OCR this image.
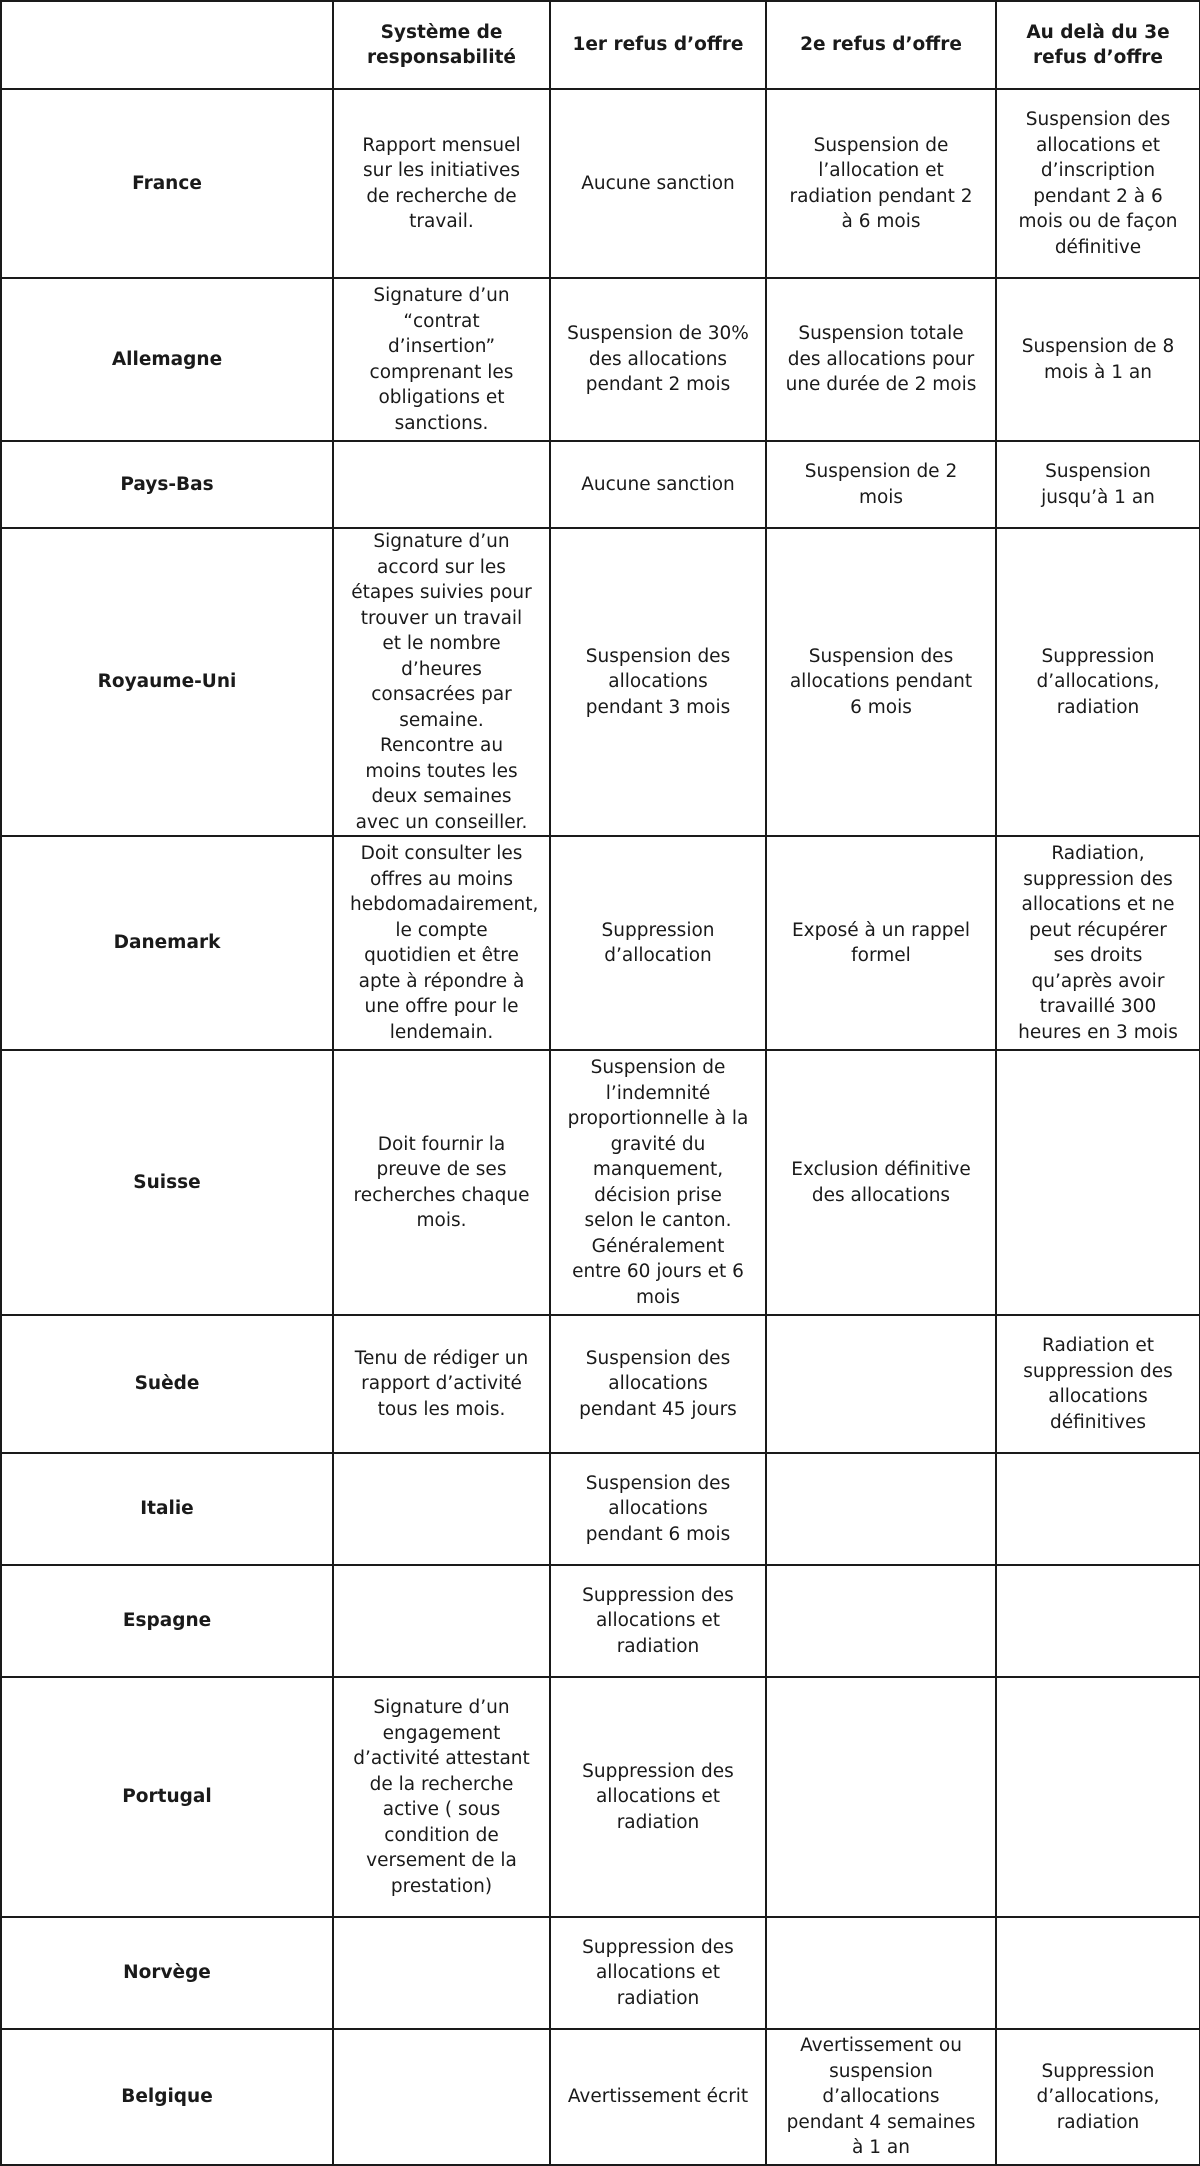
	Système de responsabilité	1er refus d’offre	2e refus d’offre	Au delà du 3e refus d’offre
France	Rapport mensuel sur les initiatives de recherche de travail.	Aucune sanction	Suspension de l’allocation et radiation pendant 2 à 6 mois	Suspension des allocations et d’inscription pendant 2 à 6 mois ou de façon définitive
Allemagne	Signature d’un “contrat d’insertion” comprenant les obligations et sanctions.	Suspension de 30% des allocations pendant 2 mois	Suspension totale des allocations pour une durée de 2 mois	Suspension de 8 mois à 1 an
Pays-Bas		Aucune sanction	Suspension de 2 mois	Suspension jusqu’à 1 an
Royaume-Uni	Signature d’un accord sur les étapes suivies pour trouver un travail et le nombre d’heures consacrées par semaine. Rencontre au moins toutes les deux semaines avec un conseiller.	Suspension des allocations pendant 3 mois	Suspension des allocations pendant 6 mois	Suppression d’allocations, radiation
Danemark	Doit consulter les offres au moins hebdomadairement, le compte quotidien et être apte à répondre à une offre pour le lendemain.	Suppression d’allocation	Exposé à un rappel formel	Radiation, suppression des allocations et ne peut récupérer ses droits qu’après avoir travaillé 300 heures en 3 mois
Suisse	Doit fournir la preuve de ses recherches chaque mois.	Suspension de l’indemnité proportionnelle à la gravité du manquement, décision prise selon le canton. Généralement entre 60 jours et 6 mois	Exclusion définitive des allocations	
Suède	Tenu de rédiger un rapport d’activité tous les mois.	Suspension des allocations pendant 45 jours		Radiation et suppression des allocations définitives
Italie		Suspension des allocations pendant 6 mois		
Espagne		Suppression des allocations et radiation		
Portugal	Signature d’un engagement d’activité attestant de la recherche active ( sous condition de versement de la prestation)	Suppression des allocations et radiation		
Norvège		Suppression des allocations et radiation		
Belgique		Avertissement écrit	Avertissement ou suspension d’allocations pendant 4 semaines à 1 an	Suppression d’allocations, radiation
